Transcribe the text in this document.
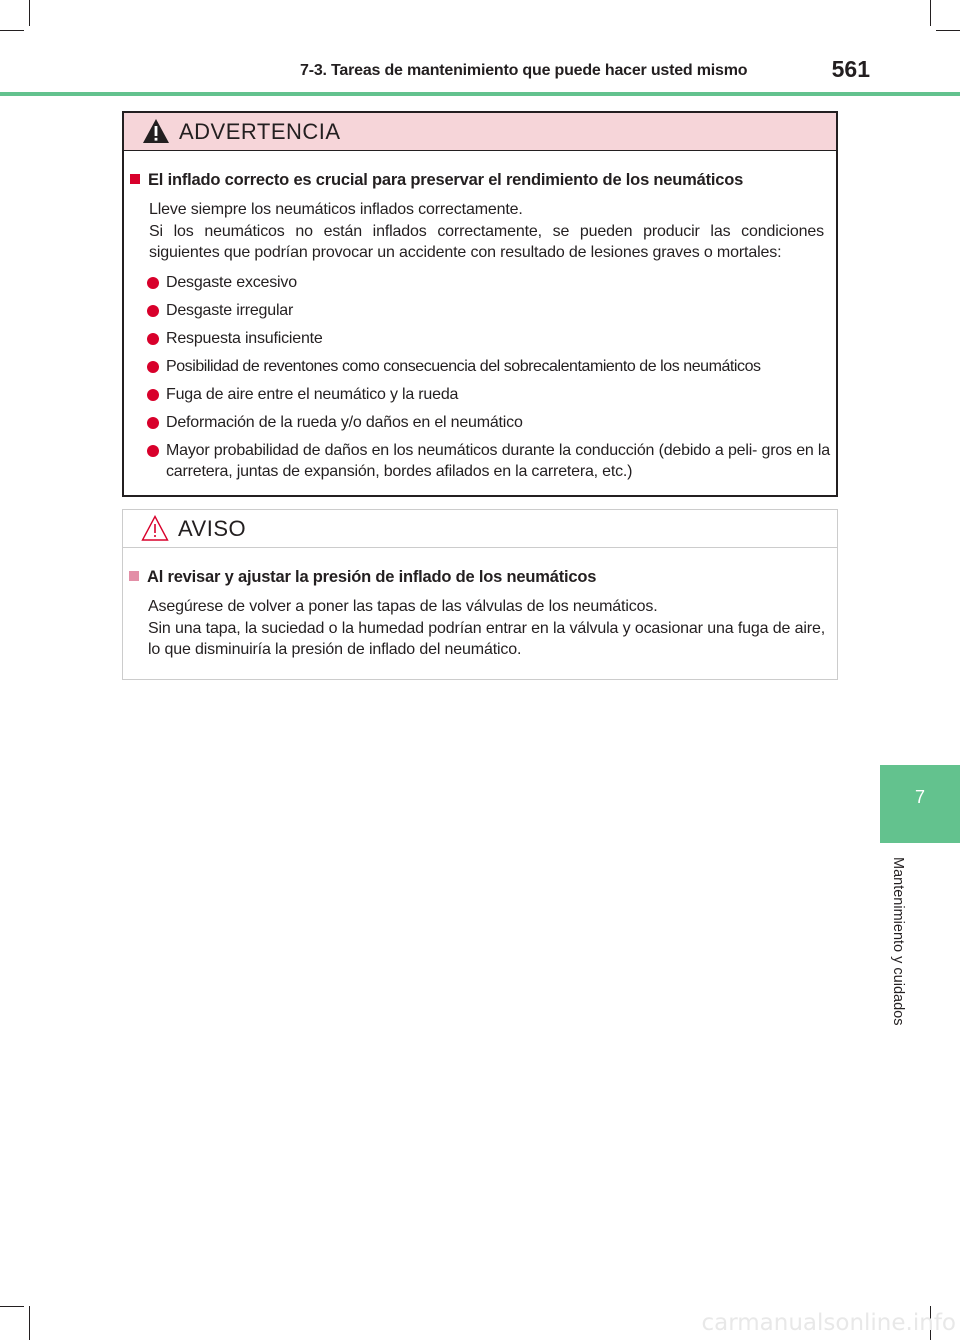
7-3. Tareas de mantenimiento que puede hacer usted mismo	561
7
Mantenimiento y cuidados
ADVERTENCIA
El inflado correcto es crucial para preservar el rendimiento de los neumáticos

Lleve siempre los neumáticos inflados correctamente.

Si los neumáticos no están inflados correctamente, se pueden producir las condiciones siguientes que podrían provocar un accidente con resultado de lesiones graves o mortales:

Desgaste excesivo
Desgaste irregular
Respuesta insuficiente
Posibilidad de reventones como consecuencia del sobrecalentamiento de los neumáticos
Fuga de aire entre el neumático y la rueda
Deformación de la rueda y/o daños en el neumático
Mayor probabilidad de daños en los neumáticos durante la conducción (debido a peli- gros en la carretera, juntas de expansión, bordes afilados en la carretera, etc.)
AVISO
Al revisar y ajustar la presión de inflado de los neumáticos

Asegúrese de volver a poner las tapas de las válvulas de los neumáticos.

Sin una tapa, la suciedad o la humedad podrían entrar en la válvula y ocasionar una fuga de aire, lo que disminuiría la presión de inflado del neumático.

carmanualsonline.info
